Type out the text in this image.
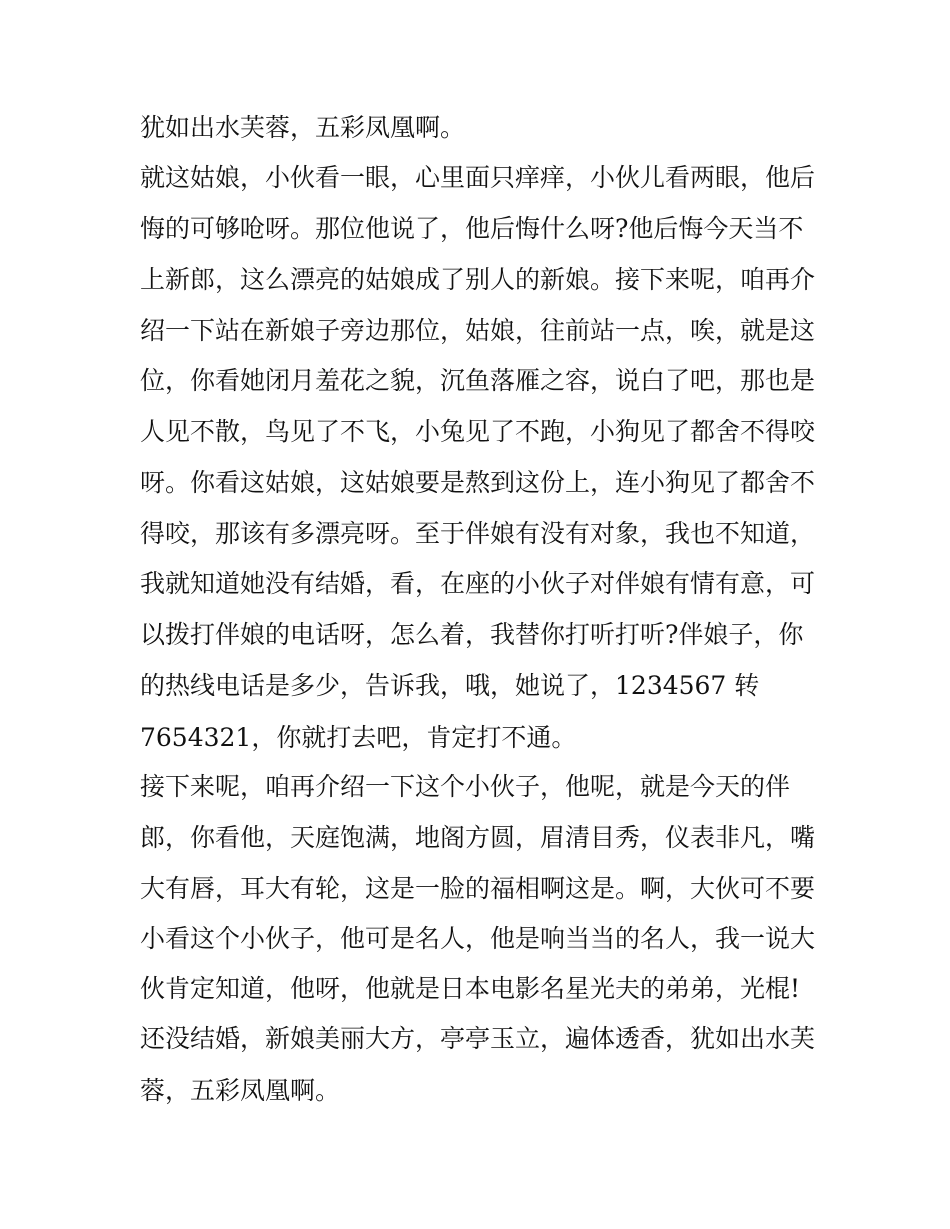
犹如出水芙蓉，五彩凤凰啊。
就这姑娘，小伙看一眼，心里面只痒痒，小伙儿看两眼，他后
悔的可够呛呀。那位他说了，他后悔什么呀?他后悔今天当不
上新郎，这么漂亮的姑娘成了别人的新娘。接下来呢，咱再介
绍一下站在新娘子旁边那位，姑娘，往前站一点，唉，就是这
位，你看她闭月羞花之貌，沉鱼落雁之容，说白了吧，那也是
人见不散，鸟见了不飞，小兔见了不跑，小狗见了都舍不得咬
呀。你看这姑娘，这姑娘要是熬到这份上，连小狗见了都舍不
得咬，那该有多漂亮呀。至于伴娘有没有对象，我也不知道，
我就知道她没有结婚，看，在座的小伙子对伴娘有情有意，可
以拨打伴娘的电话呀，怎么着，我替你打听打听?伴娘子，你
的热线电话是多少，告诉我，哦，她说了，1234567 转
7654321，你就打去吧，肯定打不通。
接下来呢，咱再介绍一下这个小伙子，他呢，就是今天的伴
郎，你看他，天庭饱满，地阁方圆，眉清目秀，仪表非凡，嘴
大有唇，耳大有轮，这是一脸的福相啊这是。啊，大伙可不要
小看这个小伙子，他可是名人，他是响当当的名人，我一说大
伙肯定知道，他呀，他就是日本电影名星光夫的弟弟，光棍!
还没结婚，新娘美丽大方，亭亭玉立，遍体透香，犹如出水芙
蓉，五彩凤凰啊。
